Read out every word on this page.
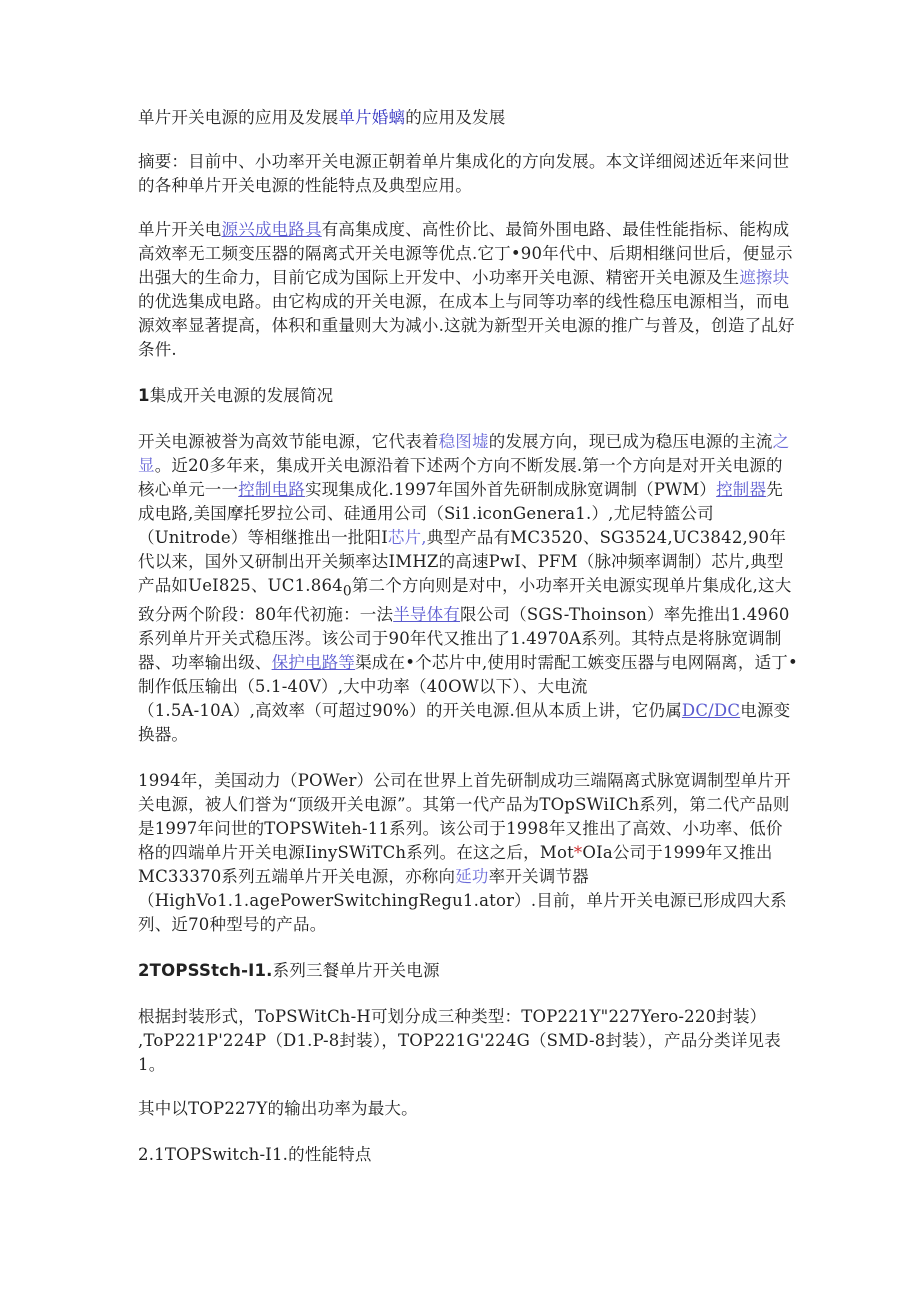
单片开关电源的应用及发展单片婚螭的应用及发展

摘要：目前中、小功率开关电源正朝着单片集成化的方向发展。本文详细阅述近年来问世的各种单片开关电源的性能特点及典型应用。

单片开关电源兴成电路具有高集成度、高性价比、最简外围电路、最佳性能指标、能构成高效率无工频变压器的隔离式开关电源等优点.它丁•90年代中、后期相继问世后，便显示出强大的生命力，目前它成为国际上开发中、小功率开关电源、精密开关电源及生遮擦块的优选集成电路。由它构成的开关电源，在成本上与同等功率的线性稳压电源相当，而电源效率显著提高，体积和重量则大为减小.这就为新型开关电源的推广与普及，创造了乩好条件.

1集成开关电源的发展简况

开关电源被誉为高效节能电源，它代表着稳图墟的发展方向，现已成为稳压电源的主流之显。近20多年来，集成开关电源沿着下述两个方向不断发展.第一个方向是对开关电源的核心单元一一控制电路实现集成化.1997年国外首先研制成脉宽调制（PWM）控制器先成电路,美国摩托罗拉公司、硅通用公司（Si1.iconGenera1.）,尤尼特篮公司（Unitrode）等相继推出一批阳I芯片,典型产品有MC3520、SG3524,UC3842,90年代以来，国外又研制出开关频率达IMHZ的高速PwI、PFM（脉冲频率调制）芯片,典型产品如UeI825、$UC1.864_0$第二个方向则是对中，小功率开关电源实现单片集成化,这大致分两个阶段：80年代初施：一法半导体有限公司（SGS-Thoinson）率先推出1.4960系列单片开关式稳压涔。该公司于90年代又推出了1.4970A系列。其特点是将脉宽调制器、功率输出级、保护电路等渠成在•个芯片中,使用时需配工嫉变压器与电网隔离，适丁•制作低压输出（5.1-40V）,大中功率（40OW以下）、大电流
（1.5A-10A）,高效率（可超过90%）的开关电源.但从本质上讲，它仍属DC/DC电源变换器。

1994年，美国动力（POWer）公司在世界上首先研制成功三端隔离式脉宽调制型单片开关电源，被人们誉为“顶级开关电源”。其第一代产品为TOpSWiICh系列，第二代产品则是1997年问世的TOPSWiteh-11系列。该公司于1998年又推出了高效、小功率、低价格的四端单片开关电源IinySWiTCh系列。在这之后，Mot*OIa公司于1999年又推出MC33370系列五端单片开关电源，亦称向延功率开关调节器（HighVo1.1.agePowerSwitchingRegu1.ator）.目前，单片开关电源已形成四大系列、近70种型号的产品。

2TOPSStch-I1.系列三餐单片开关电源

根据封装形式，ToPSWitCh-H可划分成三种类型：TOP221Y"227Yero-220封装）
,ToP221P'224P（D1.P-8封装），TOP221G'224G（SMD-8封装），产品分类详见表1。

其中以TOP227Y的输出功率为最大。

2.1TOPSwitch-I1.的性能特点
